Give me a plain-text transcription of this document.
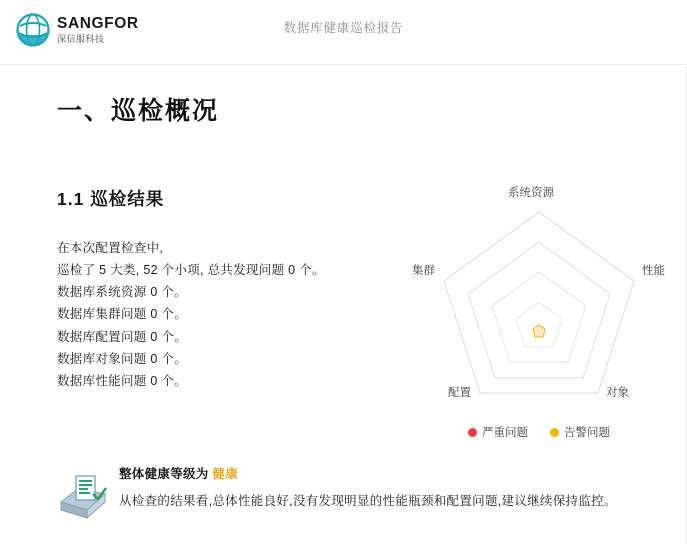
SANGFOR
深信服科技
数据库健康巡检报告
一、巡检概况
1.1 巡检结果

在本次配置检查中,

巡检了 5 大类, 52 个小项, 总共发现问题 0 个。

数据库系统资源 0 个。

数据库集群问题 0 个。

数据库配置问题 0 个。

数据库对象问题 0 个。

数据库性能问题 0 个。

系统资源
性能
对象
配置
集群
严重问题	告警问题
整体健康等级为 健康
从检查的结果看,总体性能良好,没有发现明显的性能瓶颈和配置问题,建议继续保持监控。
